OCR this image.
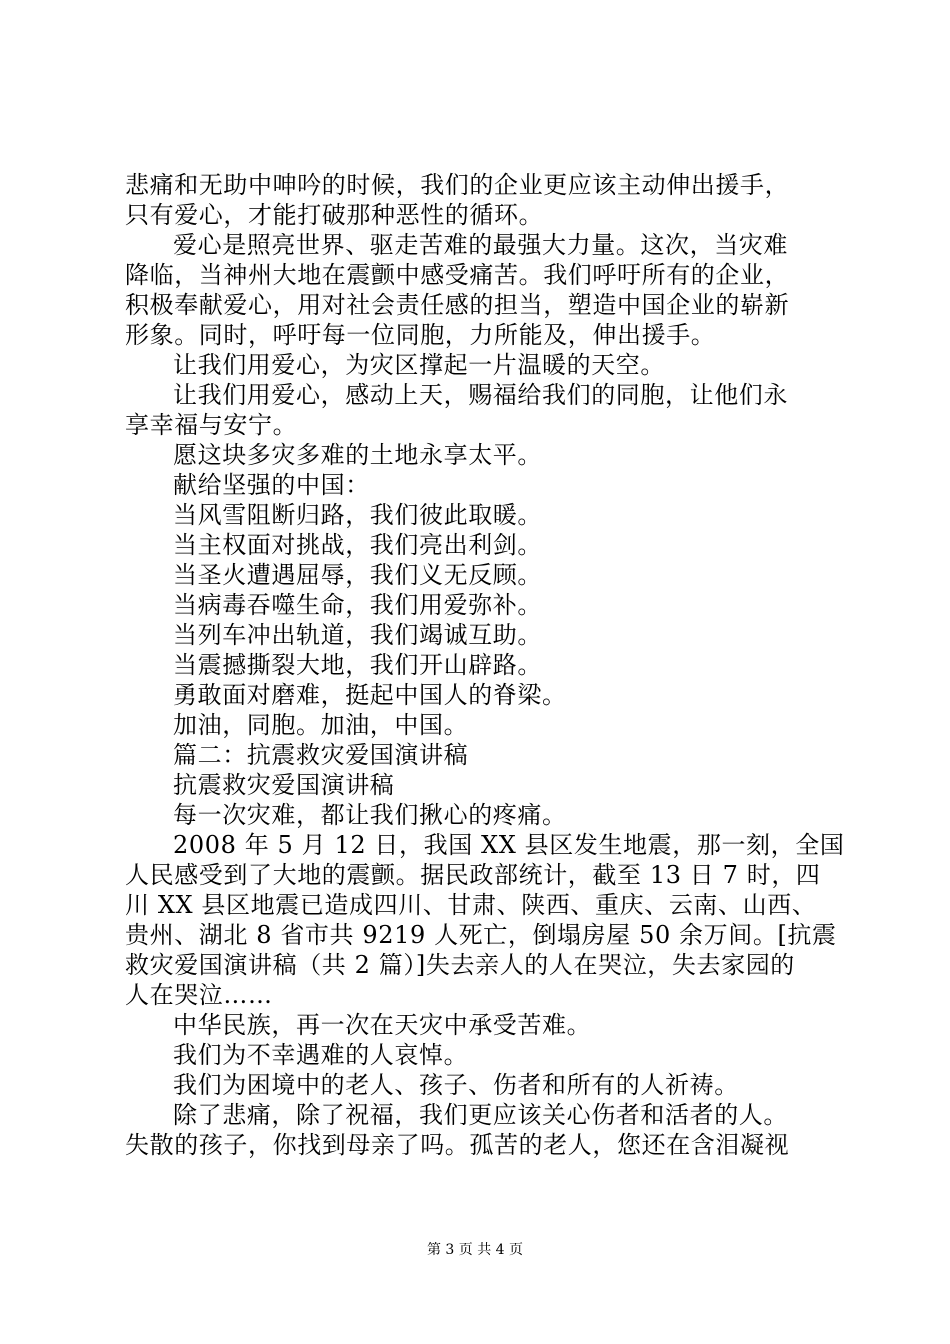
悲痛和无助中呻吟的时候，我们的企业更应该主动伸出援手，
只有爱心，才能打破那种恶性的循环。
爱心是照亮世界、驱走苦难的最强大力量。这次，当灾难
降临，当神州大地在震颤中感受痛苦。我们呼吁所有的企业，
积极奉献爱心，用对社会责任感的担当，塑造中国企业的崭新
形象。同时，呼吁每一位同胞，力所能及，伸出援手。
让我们用爱心，为灾区撑起一片温暖的天空。
让我们用爱心，感动上天，赐福给我们的同胞，让他们永
享幸福与安宁。
愿这块多灾多难的土地永享太平。
献给坚强的中国：
当风雪阻断归路，我们彼此取暖。
当主权面对挑战，我们亮出利剑。
当圣火遭遇屈辱，我们义无反顾。
当病毒吞噬生命，我们用爱弥补。
当列车冲出轨道，我们竭诚互助。
当震撼撕裂大地，我们开山辟路。
勇敢面对磨难，挺起中国人的脊梁。
加油，同胞。加油，中国。
篇二：抗震救灾爱国演讲稿
抗震救灾爱国演讲稿
每一次灾难，都让我们揪心的疼痛。
2008 年 5 月 12 日，我国 XX 县区发生地震，那一刻，全国
人民感受到了大地的震颤。据民政部统计，截至 13 日 7 时，四
川 XX 县区地震已造成四川、甘肃、陕西、重庆、云南、山西、
贵州、湖北 8 省市共 9219 人死亡，倒塌房屋 50 余万间。[抗震
救灾爱国演讲稿（共 2 篇）]失去亲人的人在哭泣，失去家园的
人在哭泣……
中华民族，再一次在天灾中承受苦难。
我们为不幸遇难的人哀悼。
我们为困境中的老人、孩子、伤者和所有的人祈祷。
除了悲痛，除了祝福，我们更应该关心伤者和活者的人。
失散的孩子，你找到母亲了吗。孤苦的老人，您还在含泪凝视
第 3 页 共 4 页
